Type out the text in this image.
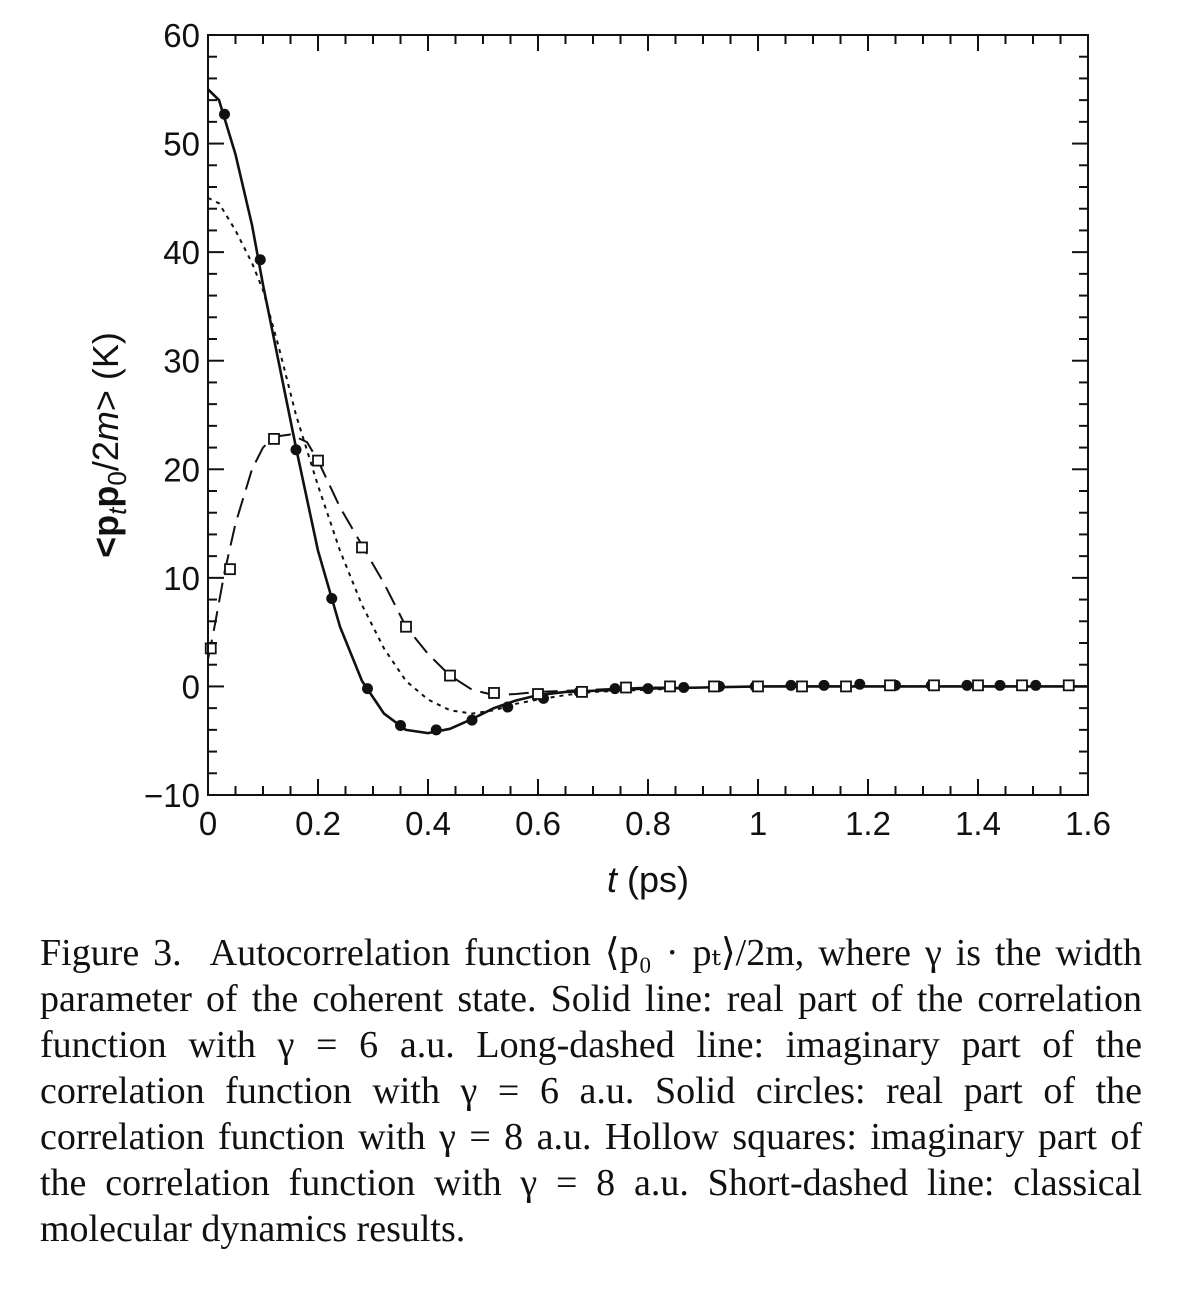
0 0.2 0.4 0.6 0.8 1 1.2 1.4 1.6
−10
0
10
20
30
40
50
60
t (ps)
$<p_tp_0/2m> (K)$
Figure 3. Autocorrelation function ⟨p₀ · pₜ⟩/2m, where γ is the width parameter of the coherent state. Solid line: real part of the correlation function with γ = 6 a.u. Long-dashed line: imaginary part of the correlation function with γ = 6 a.u. Solid circles: real part of the correlation function with γ = 8 a.u. Hollow squares: imaginary part of the correlation function with γ = 8 a.u. Short-dashed line: classical molecular dynamics results.
